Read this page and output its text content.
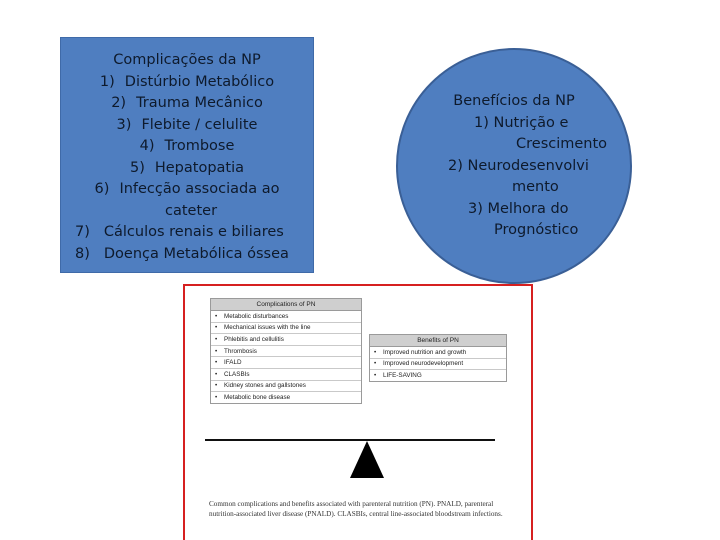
Complicações da NP
1) Distúrbio Metabólico
2) Trauma Mecânico
3) Flebite / celulite
4) Trombose
5) Hepatopatia
6) Infecção associada ao
cateter
7) Cálculos renais e biliares
8) Doença Metabólica óssea
Benefícios da NP
1) Nutrição e
Crescimento
2) Neurodesenvolvi
mento
3) Melhora do
Prognóstico
Complications of PN
•	Metabolic disturbances
•	Mechanical issues with the line
•	Phlebitis and cellulitis
•	Thrombosis
•	IFALD
•	CLASBIs
•	Kidney stones and gallstones
•	Metabolic bone disease
Benefits of PN
•	Improved nutrition and growth
•	Improved neurodevelopment
•	LIFE-SAVING
Common complications and benefits associated with parenteral nutrition (PN). PNALD, parenteral nutrition-associated liver disease (PNALD). CLASBIs, central line-associated bloodstream infections.
